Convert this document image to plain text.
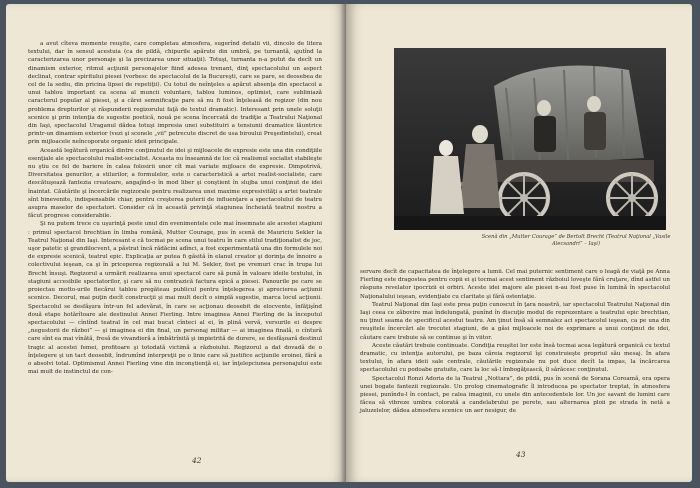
a avut cîteva momente reuşite, care completau atmosfera, sugerînd detalii vii, dincolo de litera textului, dar în sensul acestuia (ca de pildă, chipurile apărute din umbră, pe turnantă, ajutînd la caracterizarea unor personaje şi la precizarea unor situaţii). Totuşi, turnanta n-a putut da decît un dinamism exterior, ritmul acţiunii personajelor fiind adesea trenant, dinţ spectacolului un aspect declinat, contrar spiritului piesei (vorbesc de spectacolul de la Bucureşti, care se pare, se deosebea de cel de la sediu, din pricina lipsei de repetiţii). Cu totul de neînţeles a apărut absenţa din spectacol a unui tablou important ca scena al muncii voluntare, tablou luminos, optimist, care subliniază caracterul popular al piesei, şi a cărei semnificaţie pare să nu fi fost înţeleasă de regizor (din nou problema drepturilor şi răspunderii regizorului faţă de textul dramatic). Interesant prin unele soluţii scenice şi prin intenţia de sugestie poetică, nouă pe scena încercată de tradiţie a Teatrului Naţional din Iaşi, spectacolul Uraganul dădea totuşi impresia unei substituiri a tensiunii dramatice lăuntrice printr-un dinamism exterior (vezi şi scenele „vii” petrecute discret de usa biroului Preşedintelui), creat prin mijloacele neîncoporate organic ideii principale.

Această legătură organică dintre conţinutul de idei şi mijloacele de expresie este una din condiţiile esenţiale ale spectacolului realist-socialist. Aceasta nu înseamnă de loc că realismul socialist stabileşte nu ştiu ce fel de bariere în calea folosirii unor cît mai variate mijloace de expresie. Dimpotrivă, Diversitatea genurilor, a stilurilor, a formulelor, este o caracteristică a artei realist-socialiste, care descătuşează fantezia creatoare, angajînd-o în mod liber şi conştient în slujba unui conţinut de idei înaintat. Căutările şi încercările regizorale pentru realizarea unei maxime expresivităţi a artei teatrale sînt binevenite, indispensabile chiar, pentru creşterea puterii de influenţare a spectacolului de teatru asupra maselor de spectatori. Consider că în această privinţă stagiunea încheiată teatrul nostru a făcut progrese considerabile.

Şi nu putem trece cu uşurinţă peste unul din evenimentele cele mai însemnate ale acestei stagiuni : primul spectacol brechtian în limba română, Mutter Courage, pus în scenă de Mauriciu Sekler la Teatrul Naţional din Iaşi. Interesant e că tocmai pe scena unui teatru în care stilul tradiţionalist de joc, uşor patetic şi grandilocvent, a păstrat încă rădăcini adînci, a fost experimentată una din formulele noi de expresie scenică, teatrul epic. Explicaţia ar putea fi găsită în elanul creator şi dorinţa de înnoire a colectivului ieşean, ca şi în priceperea regizorală a lui M. Sekler, fost pe vremuri crac în trupa lui Brecht însuşi. Regizorul a urmărit realizarea unui spectacol care să pună în valoare ideile textului, în stagiuni accesibile spectatorilor, şi care să nu contrazică factura epică a piesei. Panourile pe care se proiectau motto-urile fiecărui tablou pregăteau publicul pentru înţelegerea şi aprecierea acţiunii scenice. Decorul, mai puţin decît construcţii şi mai mult decît o simplă sugestie, marca locul acţiunii. Spectacolul se desfăşura într-un fel adevărat, în care se acţionau deosebit de elocvente, înfăţişînd două etape hotărîtoare ale destinului Annei Fierling. Intre imaginea Annei Fierling de la începutul spectacolului — cîntînd teatral în cel mai bucat cînteci al ei, în plină vervă, versurile ei despre „negustorii de război” — şi imaginea ei din final, un personaj militar — ai imaginea finală, o cîntură care sînt ea mai vînătă, fresă de vivandieră a îmbătrînită şi impietrită de durere, se desfăşoară destinul tragic al acestei femei, profitoare şi totodată victimă a războiului. Regizorul a dat dovadă de o înţelegere şi un tact deosebit, îndrumînd interpreţii pe o linie care să justifice acţiunile eroinei, fără a o absolvi total. Optimismul Annei Fierling vine din inconştienţă ei, iar înţelepciunea personajului este mai mult de instinctul de con-

42
Scenă din „Mutter Courage” de Bertolt Brecht (Teatrul Naţional „Vasile Alecsandri” – Iaşi)

servare decît de capacitatea de înţelegere a lumii. Cel mai puternic sentiment care o leagă de viaţă pe Anna Fierling este dragostea pentru copii ei şi tocmai acest sentiment războiul loveşte fără cruţare, dînd astfel un răspuns revelator ipocrizii ei orbiri. Aceste idei majore ale piesei n-au fost puse în lumină în spectacolul Naţionalului ieşean, evidenţiate cu claritate şi fără ostentaţie.

Teatrul Naţional din Iaşi este prea puţin cunoscut în ţara noastră, iar spectacolul Teatrului Naţional din Iaşi ceea ce zăbovire mai îndelungată, punînd în discuţie modul de reprezentare a teatrului epic brechtian, nu ţinut seama de specificul acestui teatru. Am ţinut însă să semnalez aci spectacolul ieşean, ca pe una din reuşitele încercări ale trecutei stagiuni, de a găsi mijloacele noi de exprimare a unui conţinut de idei, căutare care trebuie să se continue şi în viitor.

Aceste căutări trebuie continuate. Condiţia reuşitei lor este însă tocmai acea legătură organică cu textul dramatic, cu intenţia autorului, pe baza căreia regizorul îşi construieşte propriul său mesaj. În afara textului, în afara ideii sale centrale, căutările regizorale nu pot duce decît la impas, la încărcarea spectacolului cu podoabe gratuite, care la loc să-l îmbogăţească, îl sărăcesc conţinutul.

Spectacolul Ronzi Adoria de la Teatrul „Nottara”, de pildă, pus în scenă de Sorana Coroamă, era opera unei bogate fantezii regizorale. Un prolog cinematografic îl introducea pe spectator treptat, în atmosfera piesei, punîndu-l în contact, pe calea imaginii, cu unele din antecedentele lor. Un joc savant de lumini care făcea să vibreze umbra colorată a candelabrului pe perete, sau alternarea ploii pe strada în netă a jaluzelelor, dădea atmosfera scenice un aer nesigur, de

43
